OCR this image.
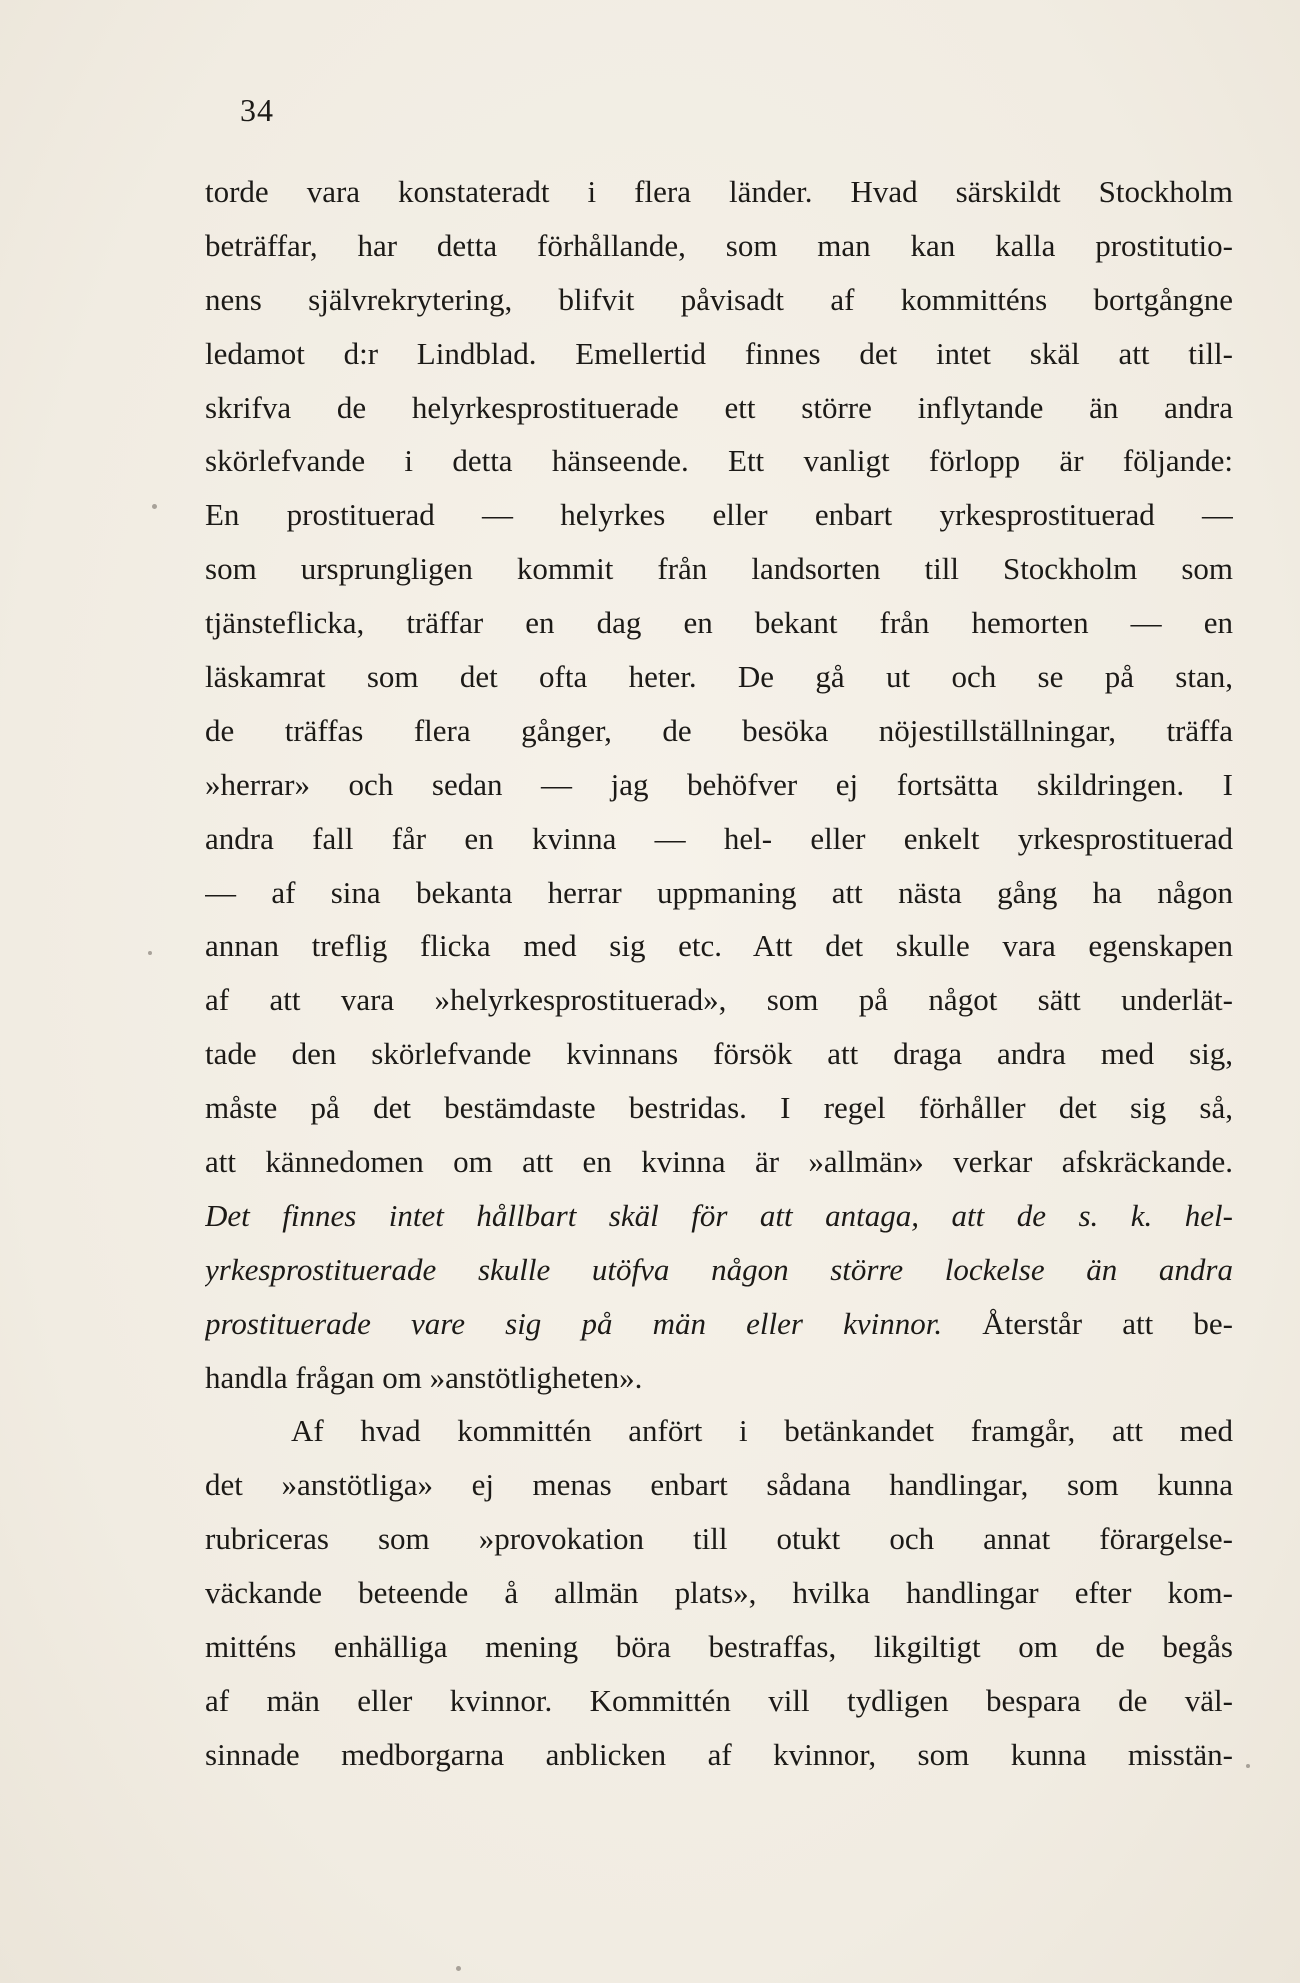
34
torde vara konstateradt i flera länder. Hvad särskildt Stockholm
beträffar, har detta förhållande, som man kan kalla prostitutio-
nens självrekrytering, blifvit påvisadt af kommitténs bortgångne
ledamot d:r Lindblad. Emellertid finnes det intet skäl att till-
skrifva de helyrkesprostituerade ett större inflytande än andra
skörlefvande i detta hänseende. Ett vanligt förlopp är följande:
En prostituerad — helyrkes eller enbart yrkesprostituerad —
som ursprungligen kommit från landsorten till Stockholm som
tjänsteflicka, träffar en dag en bekant från hemorten — en
läskamrat som det ofta heter. De gå ut och se på stan,
de träffas flera gånger, de besöka nöjestillställningar, träffa
»herrar» och sedan — jag behöfver ej fortsätta skildringen. I
andra fall får en kvinna — hel- eller enkelt yrkesprostituerad
— af sina bekanta herrar uppmaning att nästa gång ha någon
annan treflig flicka med sig etc. Att det skulle vara egenskapen
af att vara »helyrkesprostituerad», som på något sätt underlät-
tade den skörlefvande kvinnans försök att draga andra med sig,
måste på det bestämdaste bestridas. I regel förhåller det sig så,
att kännedomen om att en kvinna är »allmän» verkar afskräckande.
Det finnes intet hållbart skäl för att antaga, att de s. k. hel-
yrkesprostituerade skulle utöfva någon större lockelse än andra
prostituerade vare sig på män eller kvinnor. Återstår att be-
handla frågan om »anstötligheten».
Af hvad kommittén anfört i betänkandet framgår, att med
det »anstötliga» ej menas enbart sådana handlingar, som kunna
rubriceras som »provokation till otukt och annat förargelse-
väckande beteende å allmän plats», hvilka handlingar efter kom-
mitténs enhälliga mening böra bestraffas, likgiltigt om de begås
af män eller kvinnor. Kommittén vill tydligen bespara de väl-
sinnade medborgarna anblicken af kvinnor, som kunna misstän-
